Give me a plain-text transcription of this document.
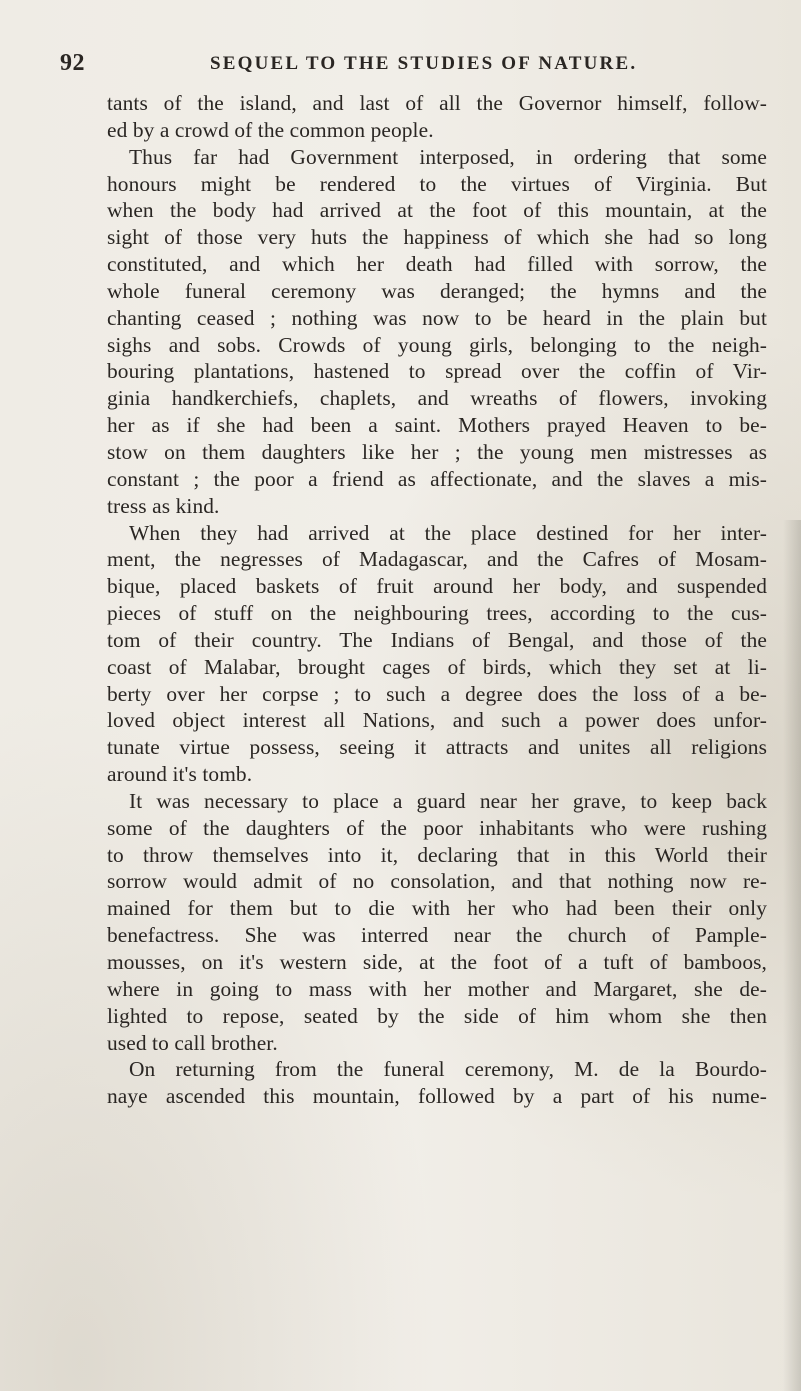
92	SEQUEL TO THE STUDIES OF NATURE.
tants of the island, and last of all the Governor himself, follow-
ed by a crowd of the common people.
Thus far had Government interposed, in ordering that some
honours might be rendered to the virtues of Virginia. But
when the body had arrived at the foot of this mountain, at the
sight of those very huts the happiness of which she had so long
constituted, and which her death had filled with sorrow, the
whole funeral ceremony was deranged; the hymns and the
chanting ceased ; nothing was now to be heard in the plain but
sighs and sobs. Crowds of young girls, belonging to the neigh-
bouring plantations, hastened to spread over the coffin of Vir-
ginia handkerchiefs, chaplets, and wreaths of flowers, invoking
her as if she had been a saint. Mothers prayed Heaven to be-
stow on them daughters like her ; the young men mistresses as
constant ; the poor a friend as affectionate, and the slaves a mis-
tress as kind.
When they had arrived at the place destined for her inter-
ment, the negresses of Madagascar, and the Cafres of Mosam-
bique, placed baskets of fruit around her body, and suspended
pieces of stuff on the neighbouring trees, according to the cus-
tom of their country. The Indians of Bengal, and those of the
coast of Malabar, brought cages of birds, which they set at li-
berty over her corpse ; to such a degree does the loss of a be-
loved object interest all Nations, and such a power does unfor-
tunate virtue possess, seeing it attracts and unites all religions
around it's tomb.
It was necessary to place a guard near her grave, to keep back
some of the daughters of the poor inhabitants who were rushing
to throw themselves into it, declaring that in this World their
sorrow would admit of no consolation, and that nothing now re-
mained for them but to die with her who had been their only
benefactress. She was interred near the church of Pample-
mousses, on it's western side, at the foot of a tuft of bamboos,
where in going to mass with her mother and Margaret, she de-
lighted to repose, seated by the side of him whom she then
used to call brother.
On returning from the funeral ceremony, M. de la Bourdo-
naye ascended this mountain, followed by a part of his nume-
